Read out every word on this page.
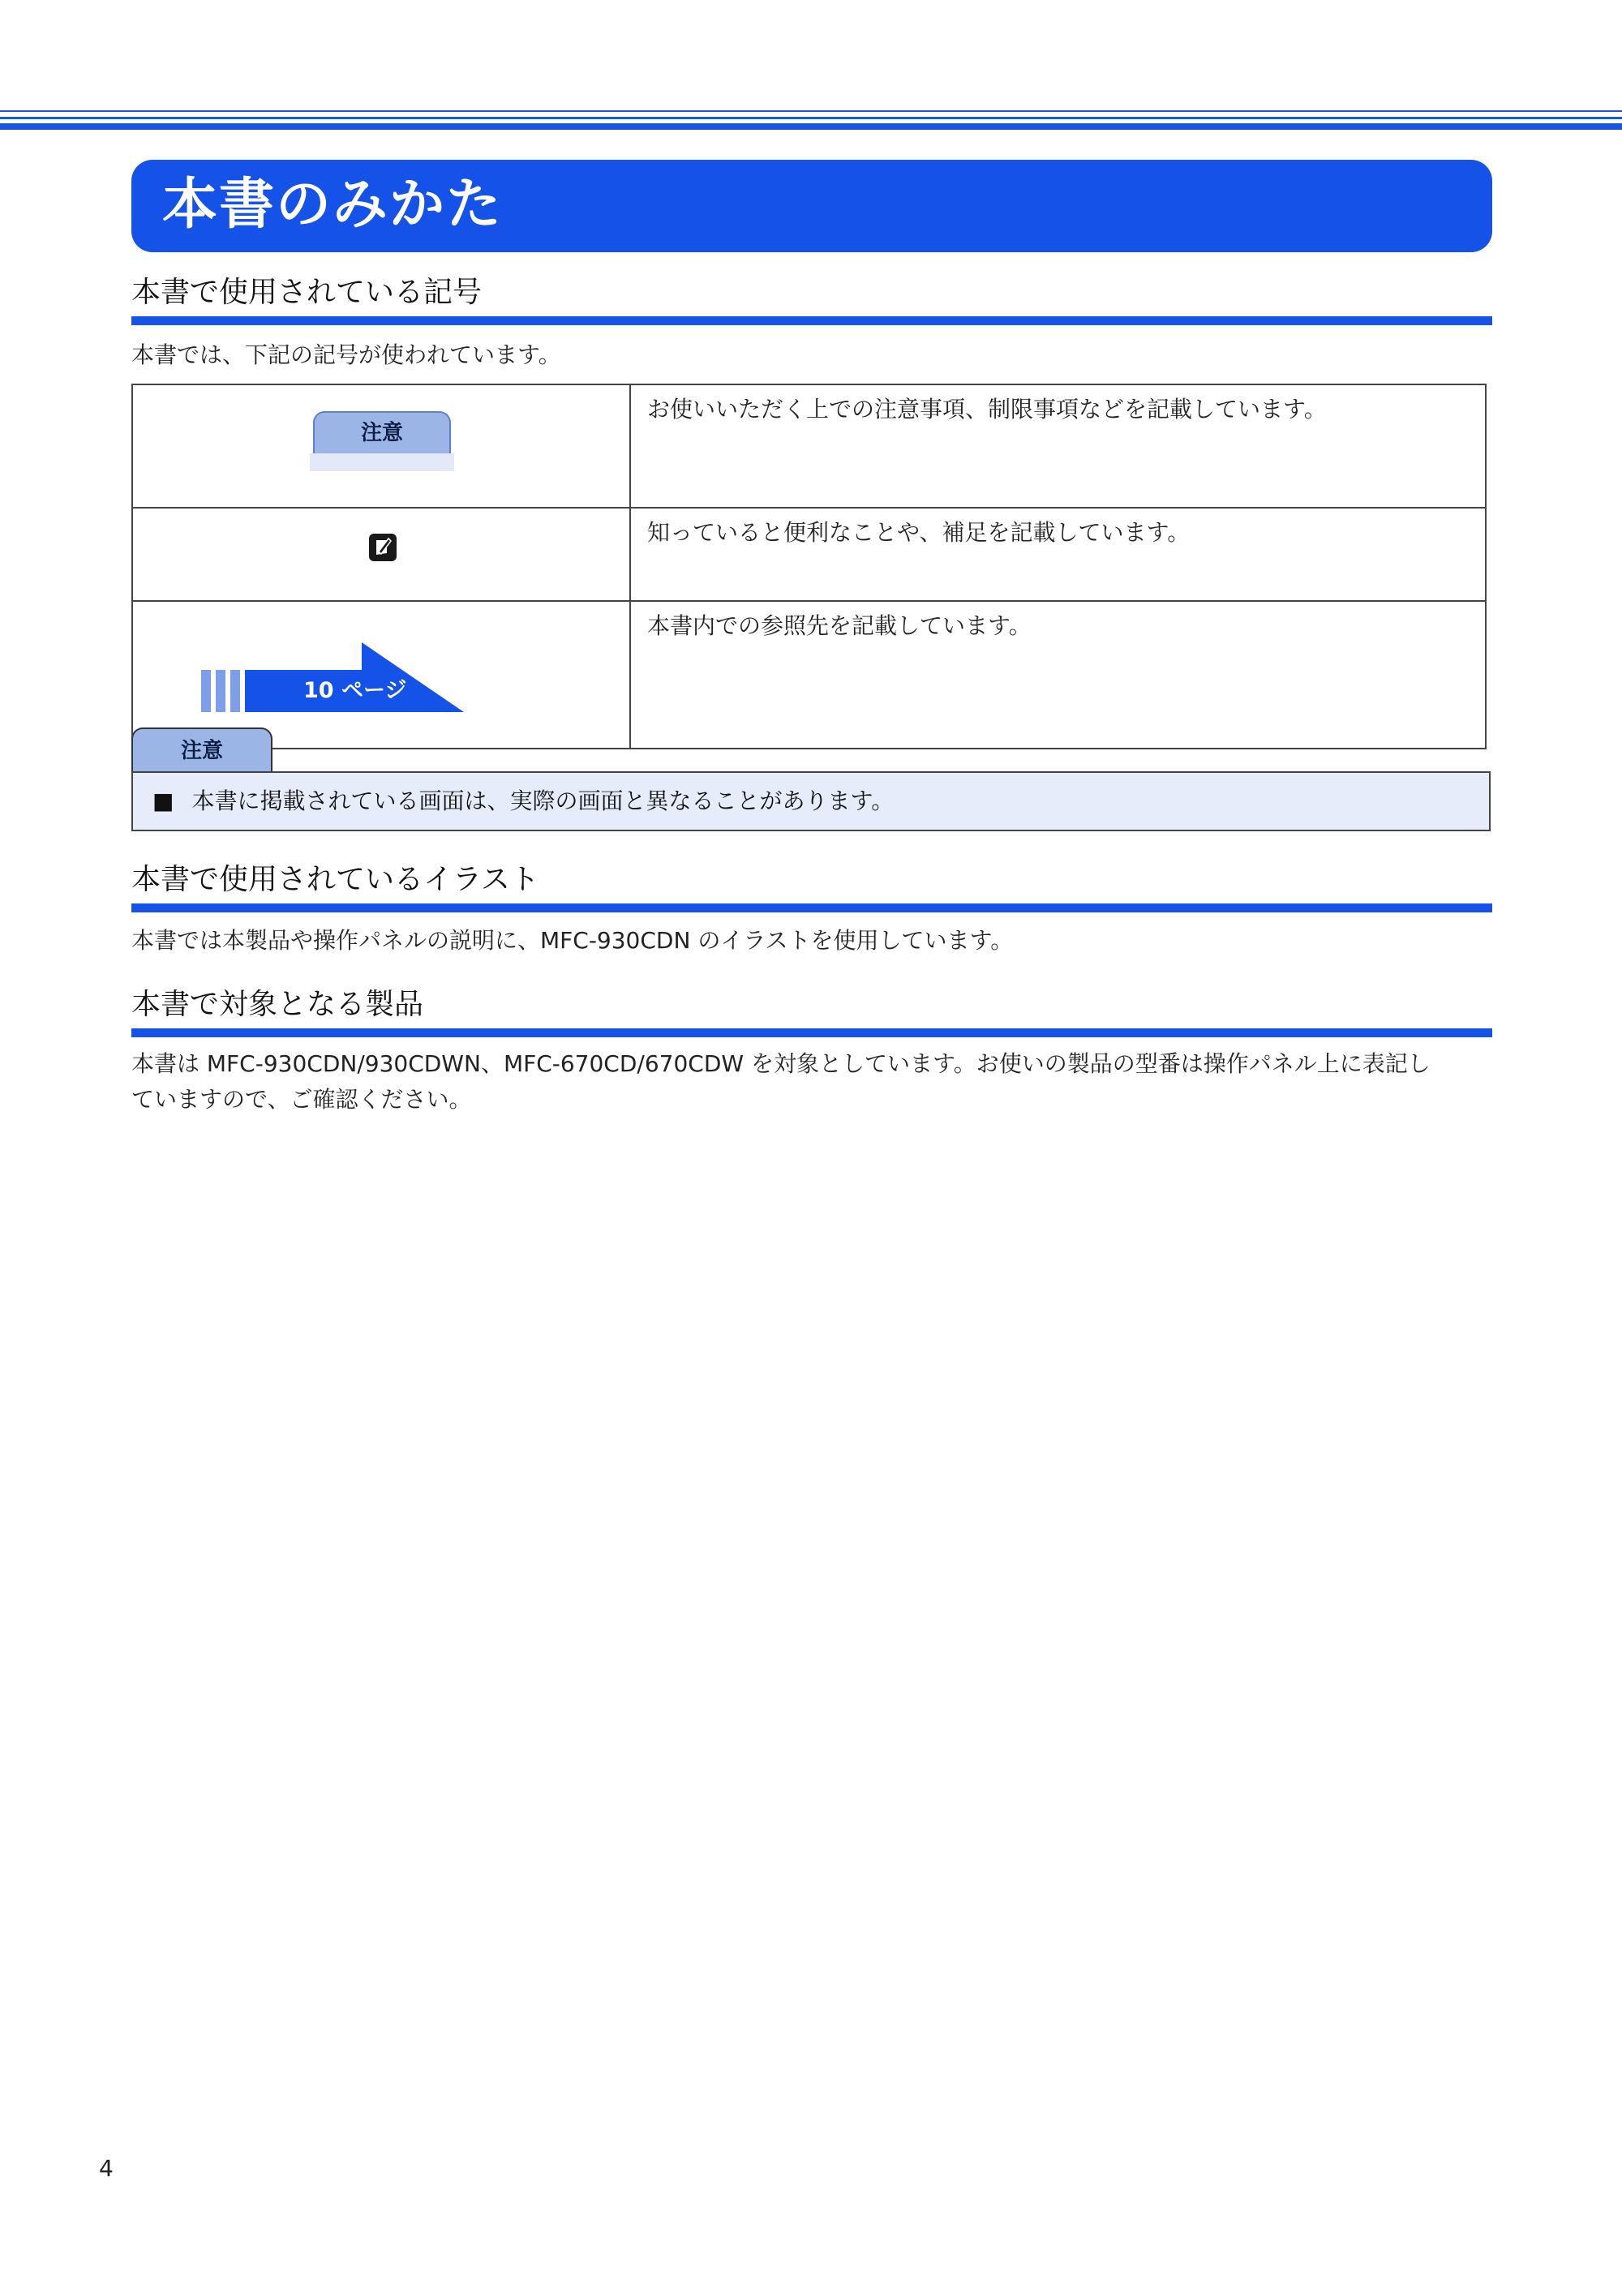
本書のみかた
本書で使用されている記号
本書では、下記の記号が使われています。
注意	お使いいただく上での注意事項、制限事項などを記載しています。

	知っていると便利なことや、補足を記載しています。

10 ページ	本書内での参照先を記載しています。
注意
■ 本書に掲載されている画面は、実際の画面と異なることがあります。
本書で使用されているイラスト
本書では本製品や操作パネルの説明に、MFC-930CDN のイラストを使用しています。
本書で対象となる製品
本書は MFC-930CDN/930CDWN、MFC-670CD/670CDW を対象としています。お使いの製品の型番は操作パネル上に表記し
ていますので、ご確認ください。
4
